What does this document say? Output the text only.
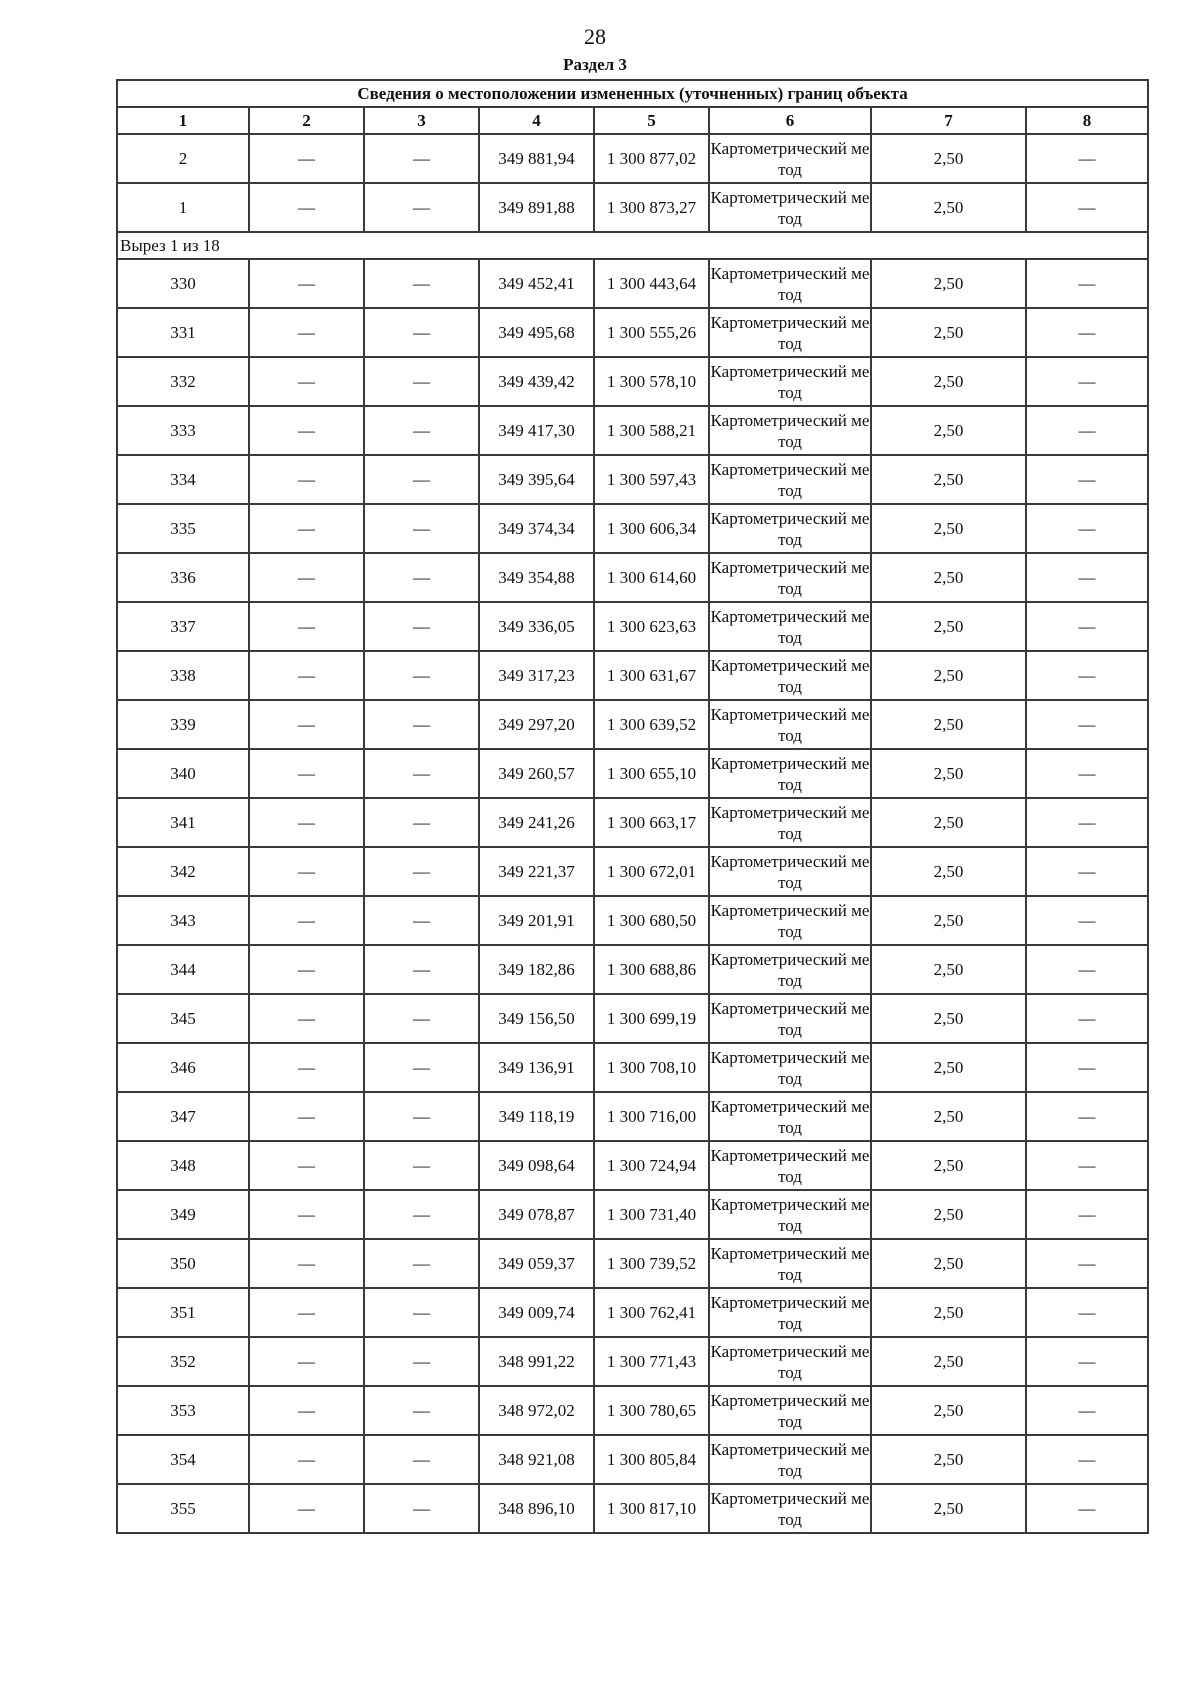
28
Раздел 3
Сведения о местоположении измененных (уточненных) границ объекта							
1	2	3	4	5	6	7	8
2	—	—	349 881,94	1 300 877,02	Картометрический метод	2,50	—
1	—	—	349 891,88	1 300 873,27	Картометрический метод	2,50	—
Вырез 1 из 18							
330	—	—	349 452,41	1 300 443,64	Картометрический метод	2,50	—
331	—	—	349 495,68	1 300 555,26	Картометрический метод	2,50	—
332	—	—	349 439,42	1 300 578,10	Картометрический метод	2,50	—
333	—	—	349 417,30	1 300 588,21	Картометрический метод	2,50	—
334	—	—	349 395,64	1 300 597,43	Картометрический метод	2,50	—
335	—	—	349 374,34	1 300 606,34	Картометрический метод	2,50	—
336	—	—	349 354,88	1 300 614,60	Картометрический метод	2,50	—
337	—	—	349 336,05	1 300 623,63	Картометрический метод	2,50	—
338	—	—	349 317,23	1 300 631,67	Картометрический метод	2,50	—
339	—	—	349 297,20	1 300 639,52	Картометрический метод	2,50	—
340	—	—	349 260,57	1 300 655,10	Картометрический метод	2,50	—
341	—	—	349 241,26	1 300 663,17	Картометрический метод	2,50	—
342	—	—	349 221,37	1 300 672,01	Картометрический метод	2,50	—
343	—	—	349 201,91	1 300 680,50	Картометрический метод	2,50	—
344	—	—	349 182,86	1 300 688,86	Картометрический метод	2,50	—
345	—	—	349 156,50	1 300 699,19	Картометрический метод	2,50	—
346	—	—	349 136,91	1 300 708,10	Картометрический метод	2,50	—
347	—	—	349 118,19	1 300 716,00	Картометрический метод	2,50	—
348	—	—	349 098,64	1 300 724,94	Картометрический метод	2,50	—
349	—	—	349 078,87	1 300 731,40	Картометрический метод	2,50	—
350	—	—	349 059,37	1 300 739,52	Картометрический метод	2,50	—
351	—	—	349 009,74	1 300 762,41	Картометрический метод	2,50	—
352	—	—	348 991,22	1 300 771,43	Картометрический метод	2,50	—
353	—	—	348 972,02	1 300 780,65	Картометрический метод	2,50	—
354	—	—	348 921,08	1 300 805,84	Картометрический метод	2,50	—
355	—	—	348 896,10	1 300 817,10	Картометрический метод	2,50	—
